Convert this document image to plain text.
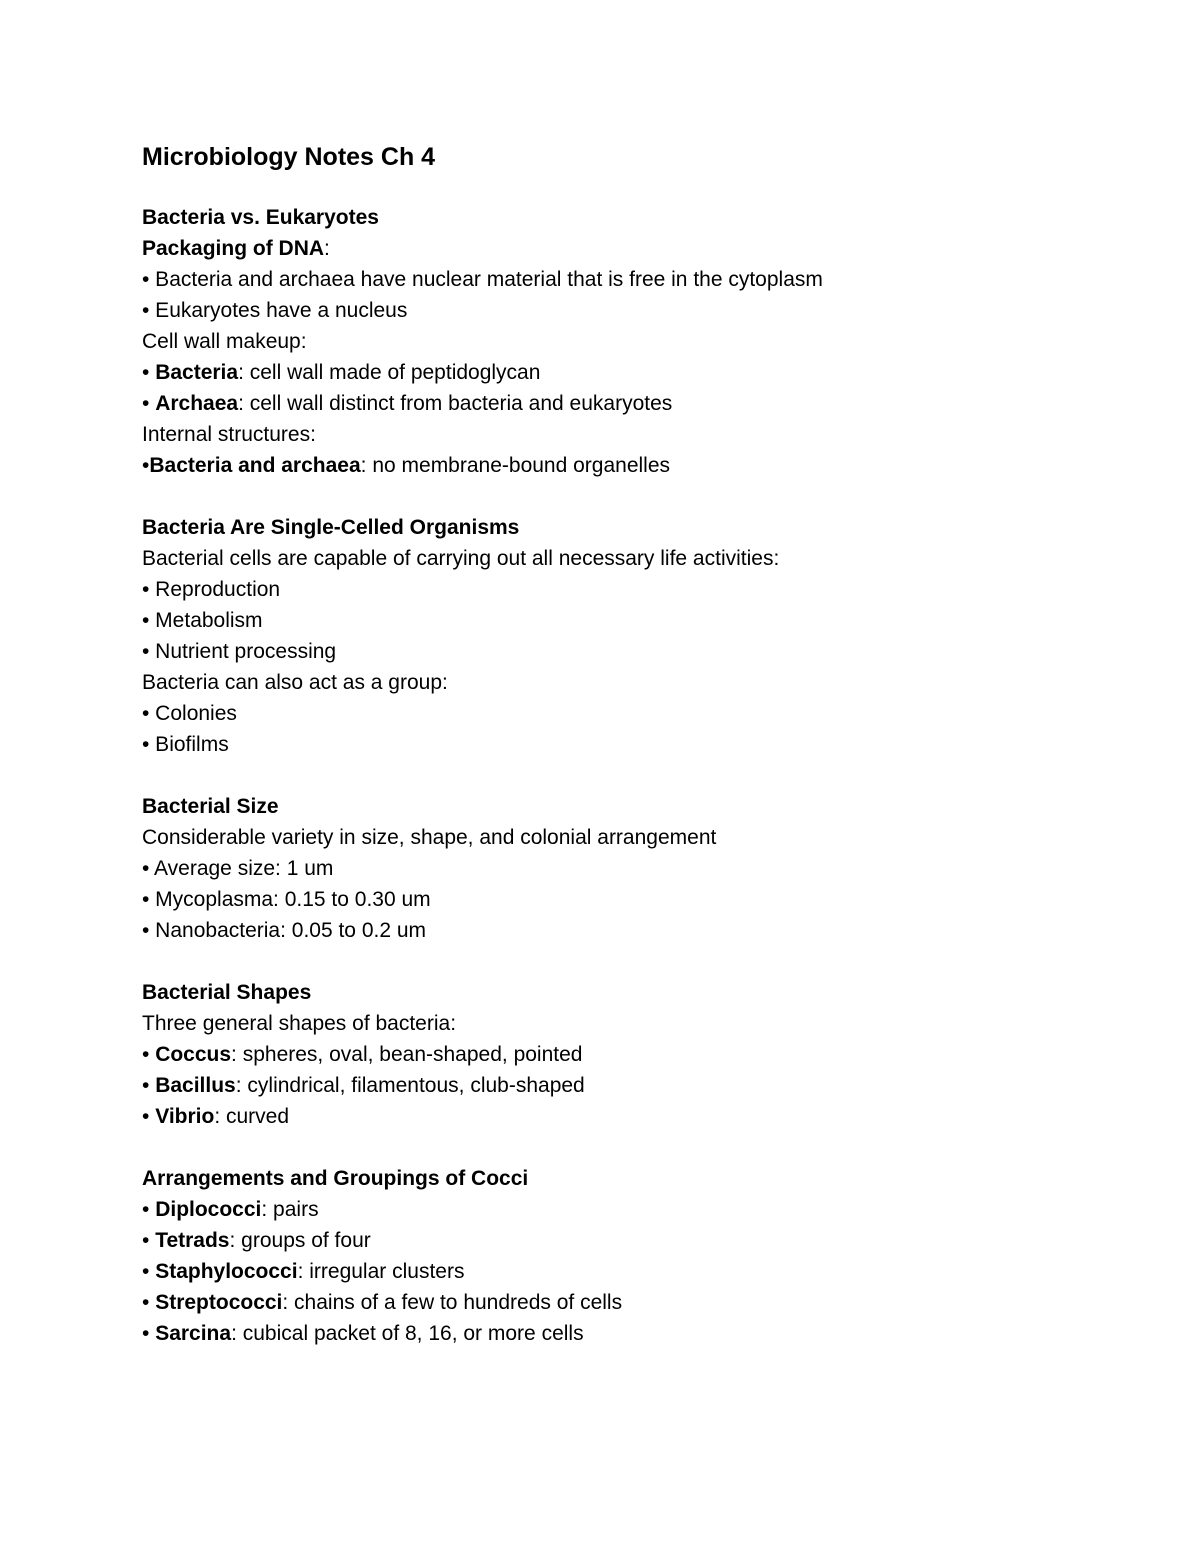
Microbiology Notes Ch 4
Bacteria vs. Eukaryotes
Packaging of DNA:
• Bacteria and archaea have nuclear material that is free in the cytoplasm
• Eukaryotes have a nucleus
Cell wall makeup:
• Bacteria: cell wall made of peptidoglycan
• Archaea: cell wall distinct from bacteria and eukaryotes
Internal structures:
•Bacteria and archaea: no membrane-bound organelles
Bacteria Are Single-Celled Organisms
Bacterial cells are capable of carrying out all necessary life activities:
• Reproduction
• Metabolism
• Nutrient processing
Bacteria can also act as a group:
• Colonies
• Biofilms
Bacterial Size
Considerable variety in size, shape, and colonial arrangement
• Average size: 1 um
• Mycoplasma: 0.15 to 0.30 um
• Nanobacteria: 0.05 to 0.2 um
Bacterial Shapes
Three general shapes of bacteria:
• Coccus: spheres, oval, bean-shaped, pointed
• Bacillus: cylindrical, filamentous, club-shaped
• Vibrio: curved
Arrangements and Groupings of Cocci
• Diplococci: pairs
• Tetrads: groups of four
• Staphylococci: irregular clusters
• Streptococci: chains of a few to hundreds of cells
• Sarcina: cubical packet of 8, 16, or more cells
